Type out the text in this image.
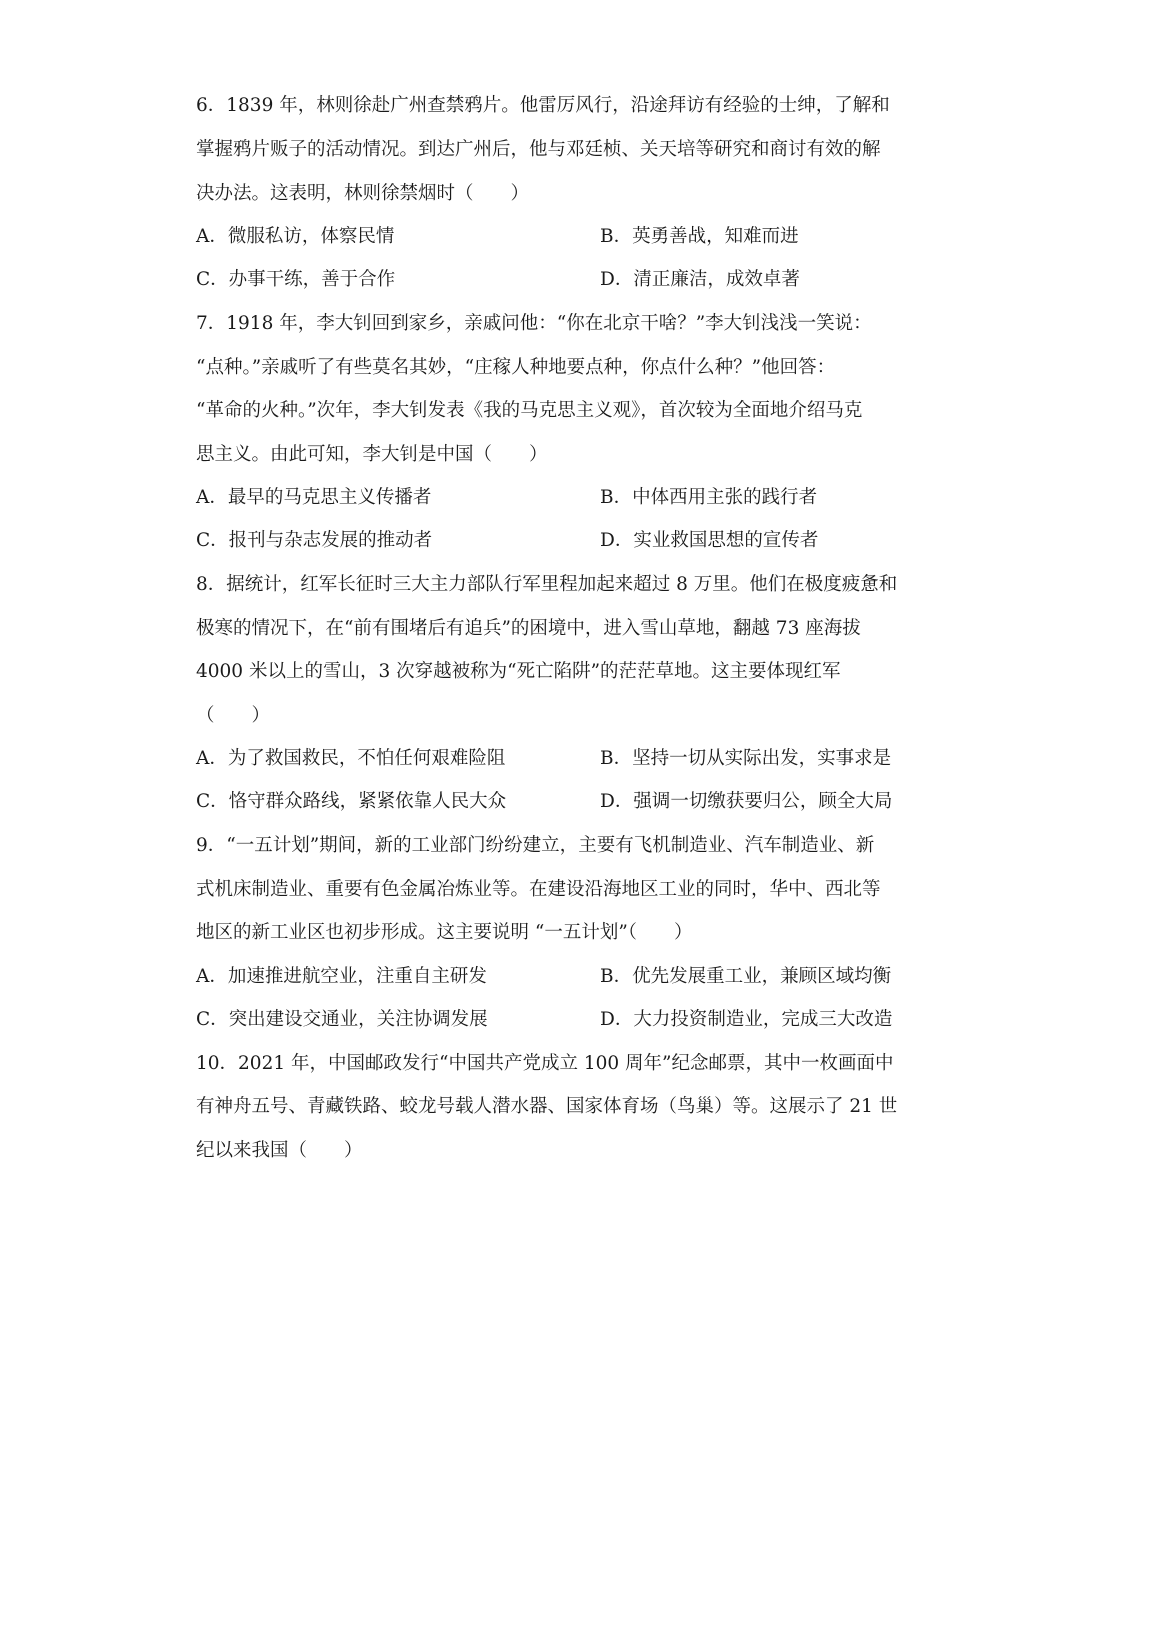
6．1839 年，林则徐赴广州查禁鸦片。他雷厉风行，沿途拜访有经验的士绅，了解和
掌握鸦片贩子的活动情况。到达广州后，他与邓廷桢、关天培等研究和商讨有效的解
决办法。这表明，林则徐禁烟时（　　）
A．微服私访，体察民情	B．英勇善战，知难而进
C．办事干练，善于合作	D．清正廉洁，成效卓著
7．1918 年，李大钊回到家乡，亲戚问他：“你在北京干啥？”李大钊浅浅一笑说：
“点种。”亲戚听了有些莫名其妙，“庄稼人种地要点种，你点什么种？”他回答：
“革命的火种。”次年，李大钊发表《我的马克思主义观》，首次较为全面地介绍马克
思主义。由此可知，李大钊是中国（　　）
A．最早的马克思主义传播者	B．中体西用主张的践行者
C．报刊与杂志发展的推动者	D．实业救国思想的宣传者
8．据统计，红军长征时三大主力部队行军里程加起来超过 8 万里。他们在极度疲惫和
极寒的情况下，在“前有围堵后有追兵”的困境中，进入雪山草地，翻越 73 座海拔
4000 米以上的雪山，3 次穿越被称为“死亡陷阱”的茫茫草地。这主要体现红军
（　　）
A．为了救国救民，不怕任何艰难险阻	B．坚持一切从实际出发，实事求是
C．恪守群众路线，紧紧依靠人民大众	D．强调一切缴获要归公，顾全大局
9．“一五计划”期间，新的工业部门纷纷建立，主要有飞机制造业、汽车制造业、新
式机床制造业、重要有色金属冶炼业等。在建设沿海地区工业的同时，华中、西北等
地区的新工业区也初步形成。这主要说明 “一五计划”（　　）
A．加速推进航空业，注重自主研发	B．优先发展重工业，兼顾区域均衡
C．突出建设交通业，关注协调发展	D．大力投资制造业，完成三大改造
10．2021 年，中国邮政发行“中国共产党成立 100 周年”纪念邮票，其中一枚画面中
有神舟五号、青藏铁路、蛟龙号载人潜水器、国家体育场（鸟巢）等。这展示了 21 世
纪以来我国（　　）
